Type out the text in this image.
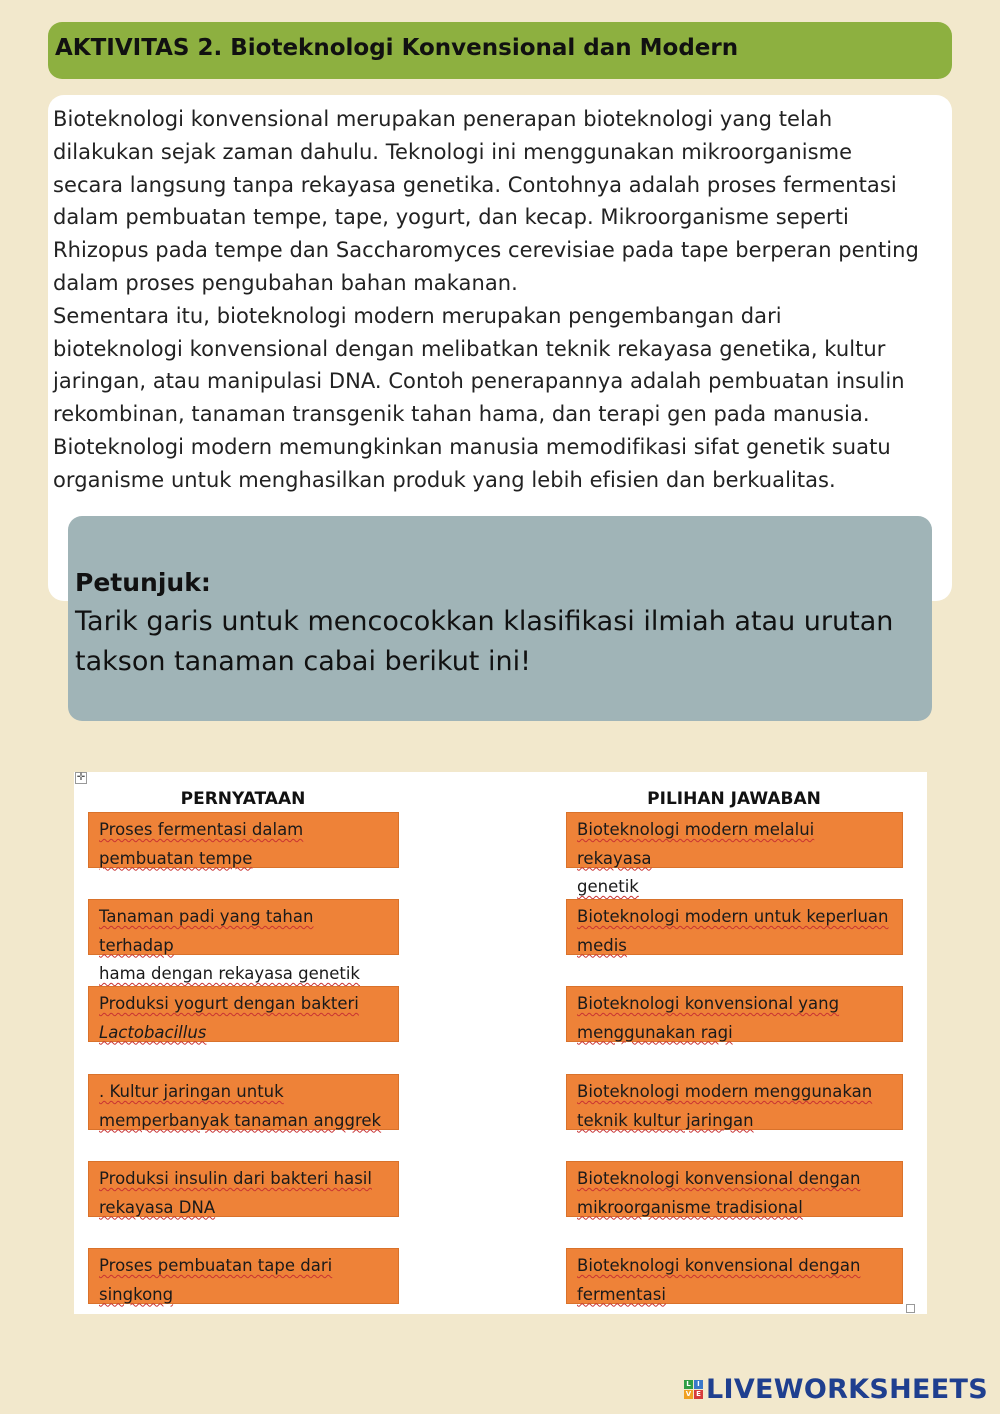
AKTIVITAS 2. Bioteknologi Konvensional dan Modern

Bioteknologi konvensional merupakan penerapan bioteknologi yang telah
dilakukan sejak zaman dahulu. Teknologi ini menggunakan mikroorganisme
secara langsung tanpa rekayasa genetika. Contohnya adalah proses fermentasi
dalam pembuatan tempe, tape, yogurt, dan kecap. Mikroorganisme seperti
Rhizopus pada tempe dan Saccharomyces cerevisiae pada tape berperan penting
dalam proses pengubahan bahan makanan.
Sementara itu, bioteknologi modern merupakan pengembangan dari
bioteknologi konvensional dengan melibatkan teknik rekayasa genetika, kultur
jaringan, atau manipulasi DNA. Contoh penerapannya adalah pembuatan insulin
rekombinan, tanaman transgenik tahan hama, dan terapi gen pada manusia.
Bioteknologi modern memungkinkan manusia memodifikasi sifat genetik suatu
organisme untuk menghasilkan produk yang lebih efisien dan berkualitas.

Petunjuk:
Tarik garis untuk mencocokkan klasifikasi ilmiah atau urutan
takson tanaman cabai berikut ini!
✛
PERNYATAAN	PILIHAN JAWABAN
Proses fermentasi dalam
pembuatan tempe
Tanaman padi yang tahan terhadap
hama dengan rekayasa genetik
Produksi yogurt dengan bakteri
Lactobacillus
. Kultur jaringan untuk
memperbanyak tanaman anggrek
Produksi insulin dari bakteri hasil
rekayasa DNA
Proses pembuatan tape dari
singkong
Bioteknologi modern melalui rekayasa
genetik
Bioteknologi modern untuk keperluan
medis
Bioteknologi konvensional yang
menggunakan ragi
Bioteknologi modern menggunakan
teknik kultur jaringan
Bioteknologi konvensional dengan
mikroorganisme tradisional
Bioteknologi konvensional dengan
fermentasi
L I
V E LIVEWORKSHEETS
